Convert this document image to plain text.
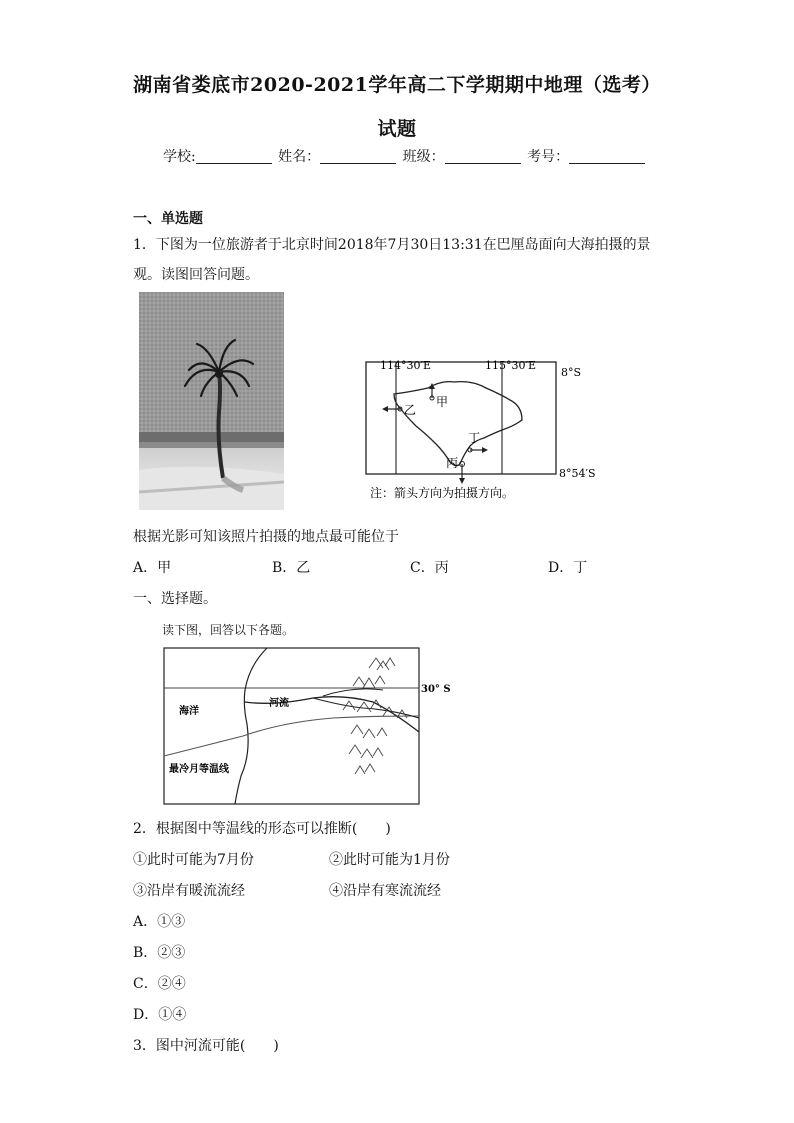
湖南省娄底市2020-2021学年高二下学期期中地理（选考）
试题
学校:	姓名：	班级：	考号：
一、单选题
1．下图为一位旅游者于北京时间2018年7月30日13:31在巴厘岛面向大海拍摄的景
观。读图回答问题。
114°30′E	115°30′E
8°S
8°54′S
甲
乙
丁
丙
注：箭头方向为拍摄方向。
根据光影可知该照片拍摄的地点最可能位于
A．甲	B．乙	C．丙	D．丁
一、选择题。
读下图，回答以下各题。
30° S
海洋
河流
最冷月等温线
2．根据图中等温线的形态可以推断(　　)
①此时可能为7月份	②此时可能为1月份
③沿岸有暖流流经	④沿岸有寒流流经
A．①③
B．②③
C．②④
D．①④
3．图中河流可能(　　)
